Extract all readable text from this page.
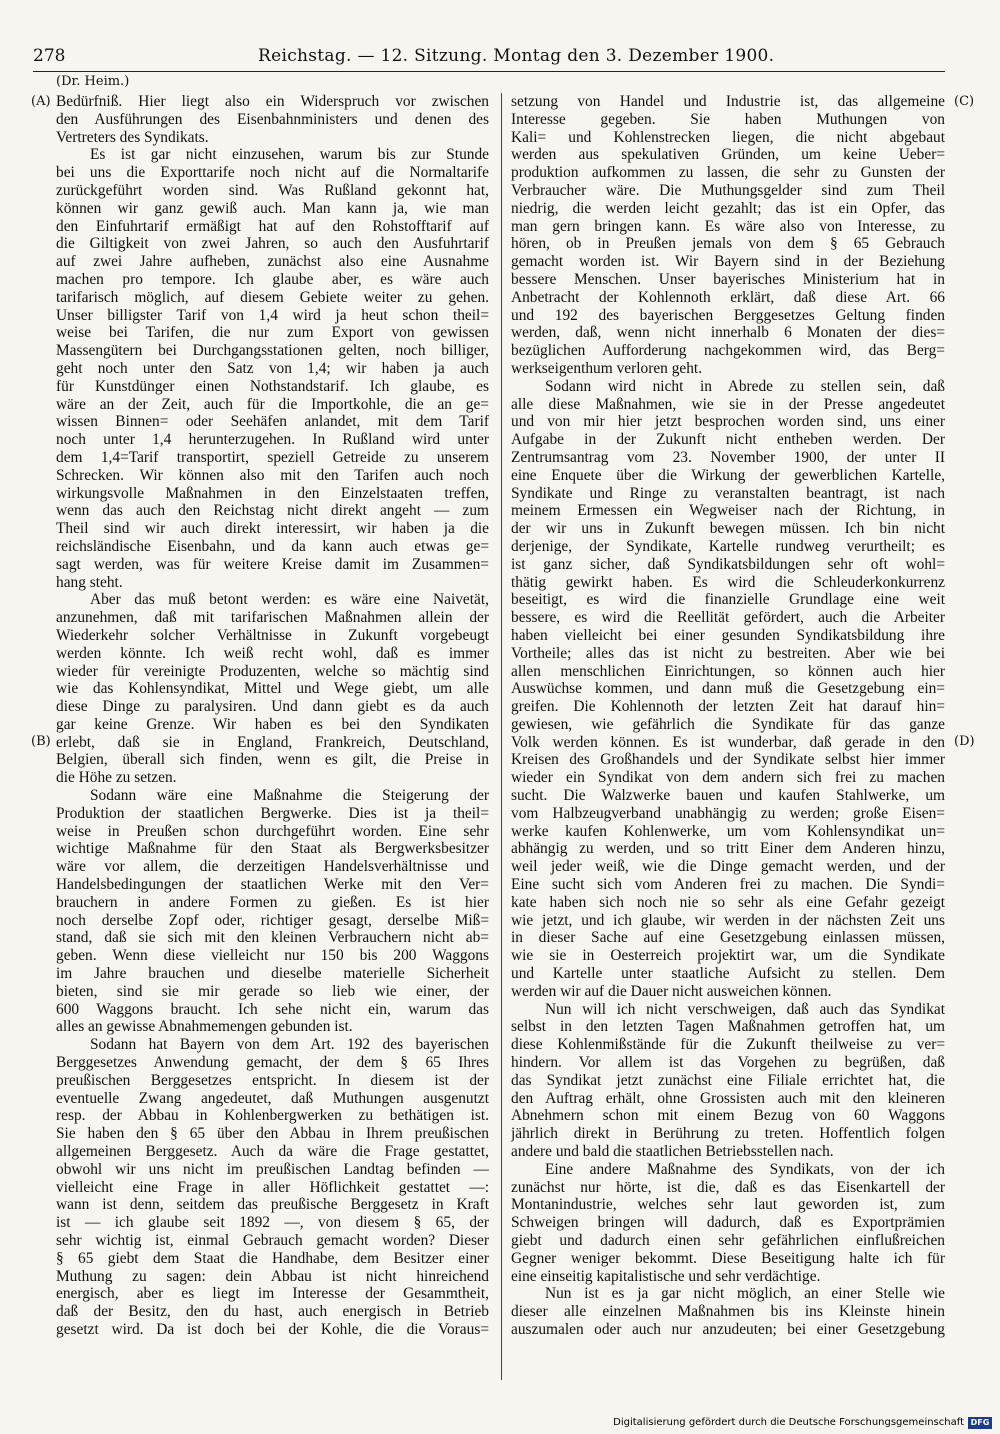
278	Reichstag. — 12. Sitzung. Montag den 3. Dezember 1900.
(Dr. Heim.)
(A)
(B)
(C)
(D)
Bedürfniß. Hier liegt also ein Widerspruch vor zwischen
den Ausführungen des Eisenbahnministers und denen des
Vertreters des Syndikats.
Es ist gar nicht einzusehen, warum bis zur Stunde
bei uns die Exporttarife noch nicht auf die Normaltarife
zurückgeführt worden sind. Was Rußland gekonnt hat,
können wir ganz gewiß auch. Man kann ja, wie man
den Einfuhrtarif ermäßigt hat auf den Rohstofftarif auf
die Giltigkeit von zwei Jahren, so auch den Ausfuhrtarif
auf zwei Jahre aufheben, zunächst also eine Ausnahme
machen pro tempore. Ich glaube aber, es wäre auch
tarifarisch möglich, auf diesem Gebiete weiter zu gehen.
Unser billigster Tarif von 1,4 wird ja heut schon theil=
weise bei Tarifen, die nur zum Export von gewissen
Massengütern bei Durchgangsstationen gelten, noch billiger,
geht noch unter den Satz von 1,4; wir haben ja auch
für Kunstdünger einen Nothstandstarif. Ich glaube, es
wäre an der Zeit, auch für die Importkohle, die an ge=
wissen Binnen= oder Seehäfen anlandet, mit dem Tarif
noch unter 1,4 herunterzugehen. In Rußland wird unter
dem 1,4=Tarif transportirt, speziell Getreide zu unserem
Schrecken. Wir können also mit den Tarifen auch noch
wirkungsvolle Maßnahmen in den Einzelstaaten treffen,
wenn das auch den Reichstag nicht direkt angeht — zum
Theil sind wir auch direkt interessirt, wir haben ja die
reichsländische Eisenbahn, und da kann auch etwas ge=
sagt werden, was für weitere Kreise damit im Zusammen=
hang steht.
Aber das muß betont werden: es wäre eine Naivetät,
anzunehmen, daß mit tarifarischen Maßnahmen allein der
Wiederkehr solcher Verhältnisse in Zukunft vorgebeugt
werden könnte. Ich weiß recht wohl, daß es immer
wieder für vereinigte Produzenten, welche so mächtig sind
wie das Kohlensyndikat, Mittel und Wege giebt, um alle
diese Dinge zu paralysiren. Und dann giebt es da auch
gar keine Grenze. Wir haben es bei den Syndikaten
erlebt, daß sie in England, Frankreich, Deutschland,
Belgien, überall sich finden, wenn es gilt, die Preise in
die Höhe zu setzen.
Sodann wäre eine Maßnahme die Steigerung der
Produktion der staatlichen Bergwerke. Dies ist ja theil=
weise in Preußen schon durchgeführt worden. Eine sehr
wichtige Maßnahme für den Staat als Bergwerksbesitzer
wäre vor allem, die derzeitigen Handelsverhältnisse und
Handelsbedingungen der staatlichen Werke mit den Ver=
brauchern in andere Formen zu gießen. Es ist hier
noch derselbe Zopf oder, richtiger gesagt, derselbe Miß=
stand, daß sie sich mit den kleinen Verbrauchern nicht ab=
geben. Wenn diese vielleicht nur 150 bis 200 Waggons
im Jahre brauchen und dieselbe materielle Sicherheit
bieten, sind sie mir gerade so lieb wie einer, der
600 Waggons braucht. Ich sehe nicht ein, warum das
alles an gewisse Abnahmemengen gebunden ist.
Sodann hat Bayern von dem Art. 192 des bayerischen
Berggesetzes Anwendung gemacht, der dem § 65 Ihres
preußischen Berggesetzes entspricht. In diesem ist der
eventuelle Zwang angedeutet, daß Muthungen ausgenutzt
resp. der Abbau in Kohlenbergwerken zu bethätigen ist.
Sie haben den § 65 über den Abbau in Ihrem preußischen
allgemeinen Berggesetz. Auch da wäre die Frage gestattet,
obwohl wir uns nicht im preußischen Landtag befinden —
vielleicht eine Frage in aller Höflichkeit gestattet —:
wann ist denn, seitdem das preußische Berggesetz in Kraft
ist — ich glaube seit 1892 —, von diesem § 65, der
sehr wichtig ist, einmal Gebrauch gemacht worden? Dieser
§ 65 giebt dem Staat die Handhabe, dem Besitzer einer
Muthung zu sagen: dein Abbau ist nicht hinreichend
energisch, aber es liegt im Interesse der Gesammtheit,
daß der Besitz, den du hast, auch energisch in Betrieb
gesetzt wird. Da ist doch bei der Kohle, die die Voraus=
setzung von Handel und Industrie ist, das allgemeine
Interesse gegeben. Sie haben Muthungen von
Kali= und Kohlenstrecken liegen, die nicht abgebaut
werden aus spekulativen Gründen, um keine Ueber=
produktion aufkommen zu lassen, die sehr zu Gunsten der
Verbraucher wäre. Die Muthungsgelder sind zum Theil
niedrig, die werden leicht gezahlt; das ist ein Opfer, das
man gern bringen kann. Es wäre also von Interesse, zu
hören, ob in Preußen jemals von dem § 65 Gebrauch
gemacht worden ist. Wir Bayern sind in der Beziehung
bessere Menschen. Unser bayerisches Ministerium hat in
Anbetracht der Kohlennoth erklärt, daß diese Art. 66
und 192 des bayerischen Berggesetzes Geltung finden
werden, daß, wenn nicht innerhalb 6 Monaten der dies=
bezüglichen Aufforderung nachgekommen wird, das Berg=
werkseigenthum verloren geht.
Sodann wird nicht in Abrede zu stellen sein, daß
alle diese Maßnahmen, wie sie in der Presse angedeutet
und von mir hier jetzt besprochen worden sind, uns einer
Aufgabe in der Zukunft nicht entheben werden. Der
Zentrumsantrag vom 23. November 1900, der unter II
eine Enquete über die Wirkung der gewerblichen Kartelle,
Syndikate und Ringe zu veranstalten beantragt, ist nach
meinem Ermessen ein Wegweiser nach der Richtung, in
der wir uns in Zukunft bewegen müssen. Ich bin nicht
derjenige, der Syndikate, Kartelle rundweg verurtheilt; es
ist ganz sicher, daß Syndikatsbildungen sehr oft wohl=
thätig gewirkt haben. Es wird die Schleuderkonkurrenz
beseitigt, es wird die finanzielle Grundlage eine weit
bessere, es wird die Reellität gefördert, auch die Arbeiter
haben vielleicht bei einer gesunden Syndikatsbildung ihre
Vortheile; alles das ist nicht zu bestreiten. Aber wie bei
allen menschlichen Einrichtungen, so können auch hier
Auswüchse kommen, und dann muß die Gesetzgebung ein=
greifen. Die Kohlennoth der letzten Zeit hat darauf hin=
gewiesen, wie gefährlich die Syndikate für das ganze
Volk werden können. Es ist wunderbar, daß gerade in den
Kreisen des Großhandels und der Syndikate selbst hier immer
wieder ein Syndikat von dem andern sich frei zu machen
sucht. Die Walzwerke bauen und kaufen Stahlwerke, um
vom Halbzeugverband unabhängig zu werden; große Eisen=
werke kaufen Kohlenwerke, um vom Kohlensyndikat un=
abhängig zu werden, und so tritt Einer dem Anderen hinzu,
weil jeder weiß, wie die Dinge gemacht werden, und der
Eine sucht sich vom Anderen frei zu machen. Die Syndi=
kate haben sich noch nie so sehr als eine Gefahr gezeigt
wie jetzt, und ich glaube, wir werden in der nächsten Zeit uns
in dieser Sache auf eine Gesetzgebung einlassen müssen,
wie sie in Oesterreich projektirt war, um die Syndikate
und Kartelle unter staatliche Aufsicht zu stellen. Dem
werden wir auf die Dauer nicht ausweichen können.
Nun will ich nicht verschweigen, daß auch das Syndikat
selbst in den letzten Tagen Maßnahmen getroffen hat, um
diese Kohlenmißstände für die Zukunft theilweise zu ver=
hindern. Vor allem ist das Vorgehen zu begrüßen, daß
das Syndikat jetzt zunächst eine Filiale errichtet hat, die
den Auftrag erhält, ohne Grossisten auch mit den kleineren
Abnehmern schon mit einem Bezug von 60 Waggons
jährlich direkt in Berührung zu treten. Hoffentlich folgen
andere und bald die staatlichen Betriebsstellen nach.
Eine andere Maßnahme des Syndikats, von der ich
zunächst nur hörte, ist die, daß es das Eisenkartell der
Montanindustrie, welches sehr laut geworden ist, zum
Schweigen bringen will dadurch, daß es Exportprämien
giebt und dadurch einen sehr gefährlichen einflußreichen
Gegner weniger bekommt. Diese Beseitigung halte ich für
eine einseitig kapitalistische und sehr verdächtige.
Nun ist es ja gar nicht möglich, an einer Stelle wie
dieser alle einzelnen Maßnahmen bis ins Kleinste hinein
auszumalen oder auch nur anzudeuten; bei einer Gesetzgebung
Digitalisierung gefördert durch die Deutsche Forschungsgemeinschaft DFG
